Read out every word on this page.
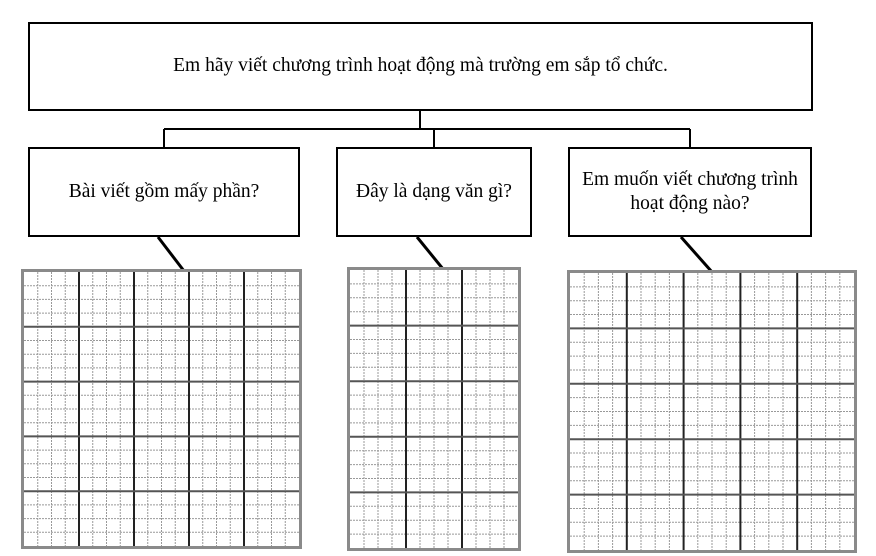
Em hãy viết chương trình hoạt động mà trường em sắp tổ chức.
Bài viết gồm mấy phần?	Đây là dạng văn gì?
Em muốn viết chương trình hoạt động nào?
